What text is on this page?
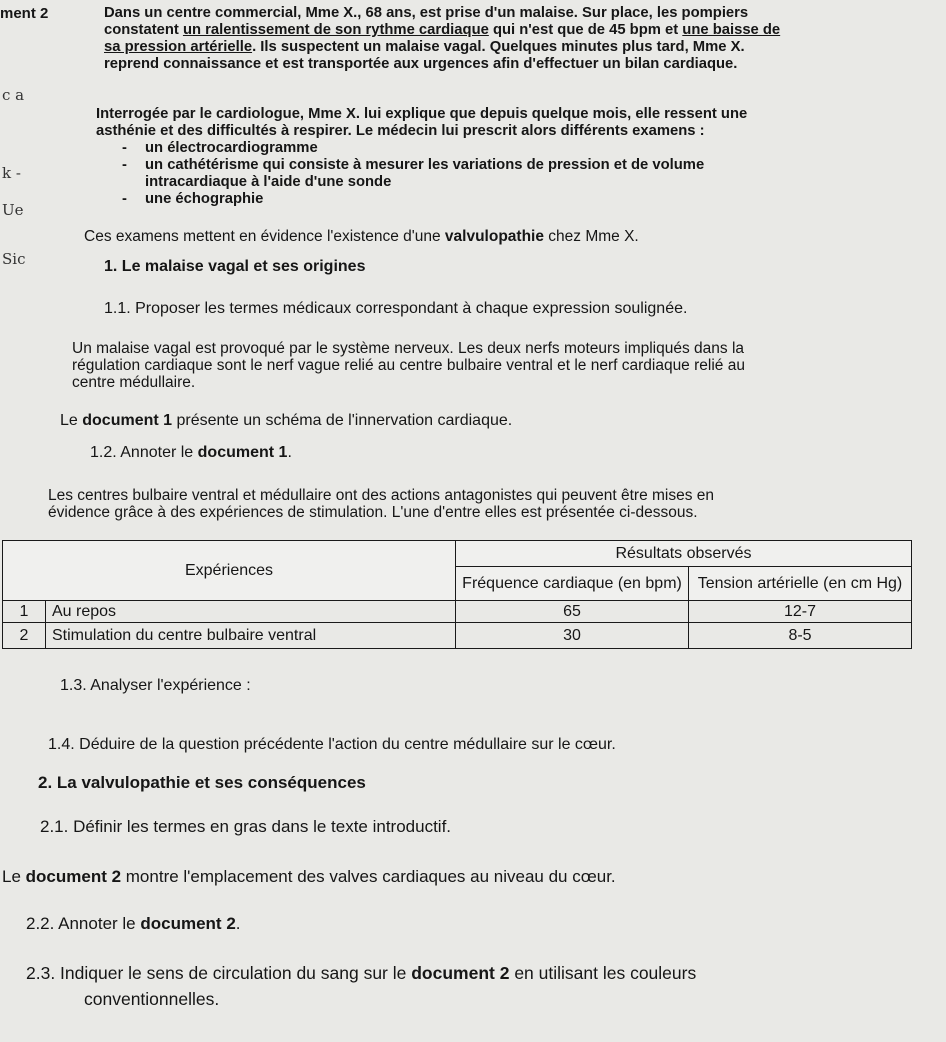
ment 2
c a
k -
Ue
Sic
Dans un centre commercial, Mme X., 68 ans, est prise d'un malaise. Sur place, les pompiers
constatent un ralentissement de son rythme cardiaque qui n'est que de 45 bpm et une baisse de
sa pression artérielle. Ils suspectent un malaise vagal. Quelques minutes plus tard, Mme X.
reprend connaissance et est transportée aux urgences afin d'effectuer un bilan cardiaque.
Interrogée par le cardiologue, Mme X. lui explique que depuis quelque mois, elle ressent une
asthénie et des difficultés à respirer. Le médecin lui prescrit alors différents examens :
- un électrocardiogramme
- un cathétérisme qui consiste à mesurer les variations de pression et de volume
intracardiaque à l'aide d'une sonde
- une échographie
Ces examens mettent en évidence l'existence d'une valvulopathie chez Mme X.
1. Le malaise vagal et ses origines
1.1. Proposer les termes médicaux correspondant à chaque expression soulignée.
Un malaise vagal est provoqué par le système nerveux. Les deux nerfs moteurs impliqués dans la
régulation cardiaque sont le nerf vague relié au centre bulbaire ventral et le nerf cardiaque relié au
centre médullaire.
Le document 1 présente un schéma de l'innervation cardiaque.
1.2. Annoter le document 1.
Les centres bulbaire ventral et médullaire ont des actions antagonistes qui peuvent être mises en
évidence grâce à des expériences de stimulation. L'une d'entre elles est présentée ci-dessous.
Expériences		Résultats observés	
		Fréquence cardiaque (en bpm)	Tension artérielle (en cm Hg)
1	Au repos	65	12-7
2	Stimulation du centre bulbaire ventral	30	8-5
1.3. Analyser l'expérience :
1.4. Déduire de la question précédente l'action du centre médullaire sur le cœur.
2. La valvulopathie et ses conséquences
2.1. Définir les termes en gras dans le texte introductif.
Le document 2 montre l'emplacement des valves cardiaques au niveau du cœur.
2.2. Annoter le document 2.
2.3. Indiquer le sens de circulation du sang sur le document 2 en utilisant les couleurs
conventionnelles.
